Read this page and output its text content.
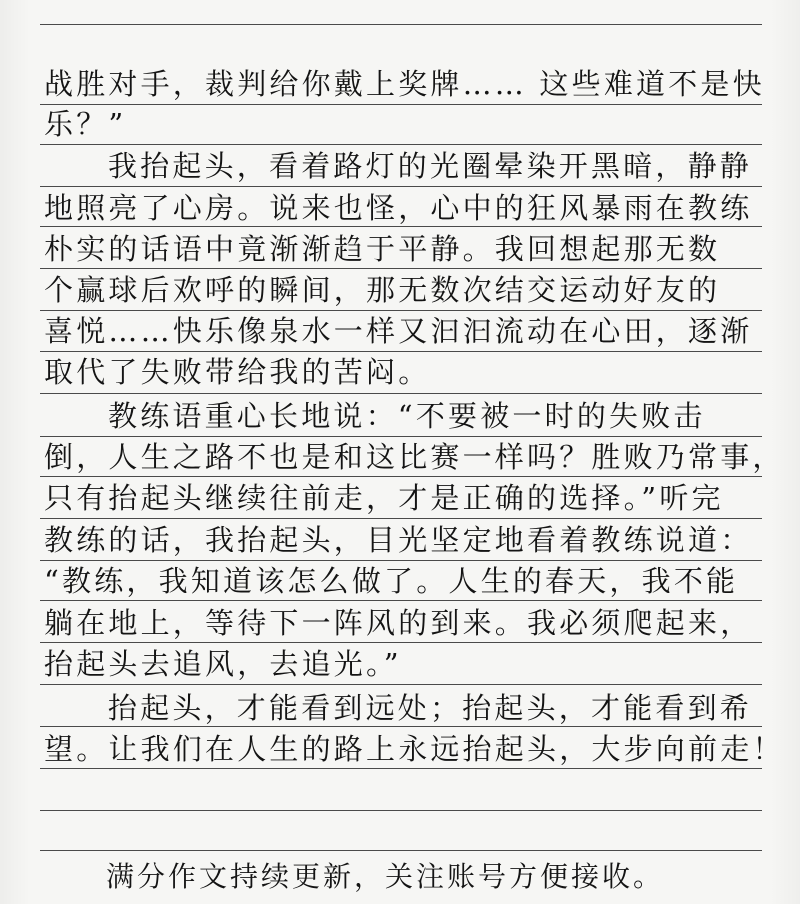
战胜对手，裁判给你戴上奖牌…… 这些难道不是快
乐？”
我抬起头，看着路灯的光圈晕染开黑暗，静静
地照亮了心房。说来也怪，心中的狂风暴雨在教练
朴实的话语中竟渐渐趋于平静。我回想起那无数
个赢球后欢呼的瞬间，那无数次结交运动好友的
喜悦……快乐像泉水一样又汩汩流动在心田，逐渐
取代了失败带给我的苦闷。
教练语重心长地说：“不要被一时的失败击
倒，人生之路不也是和这比赛一样吗？胜败乃常事，
只有抬起头继续往前走，才是正确的选择。”听完
教练的话，我抬起头，目光坚定地看着教练说道：
“教练，我知道该怎么做了。人生的春天，我不能
躺在地上，等待下一阵风的到来。我必须爬起来，
抬起头去追风，去追光。”
抬起头，才能看到远处；抬起头，才能看到希
望。让我们在人生的路上永远抬起头，大步向前走！
满分作文持续更新，关注账号方便接收。
